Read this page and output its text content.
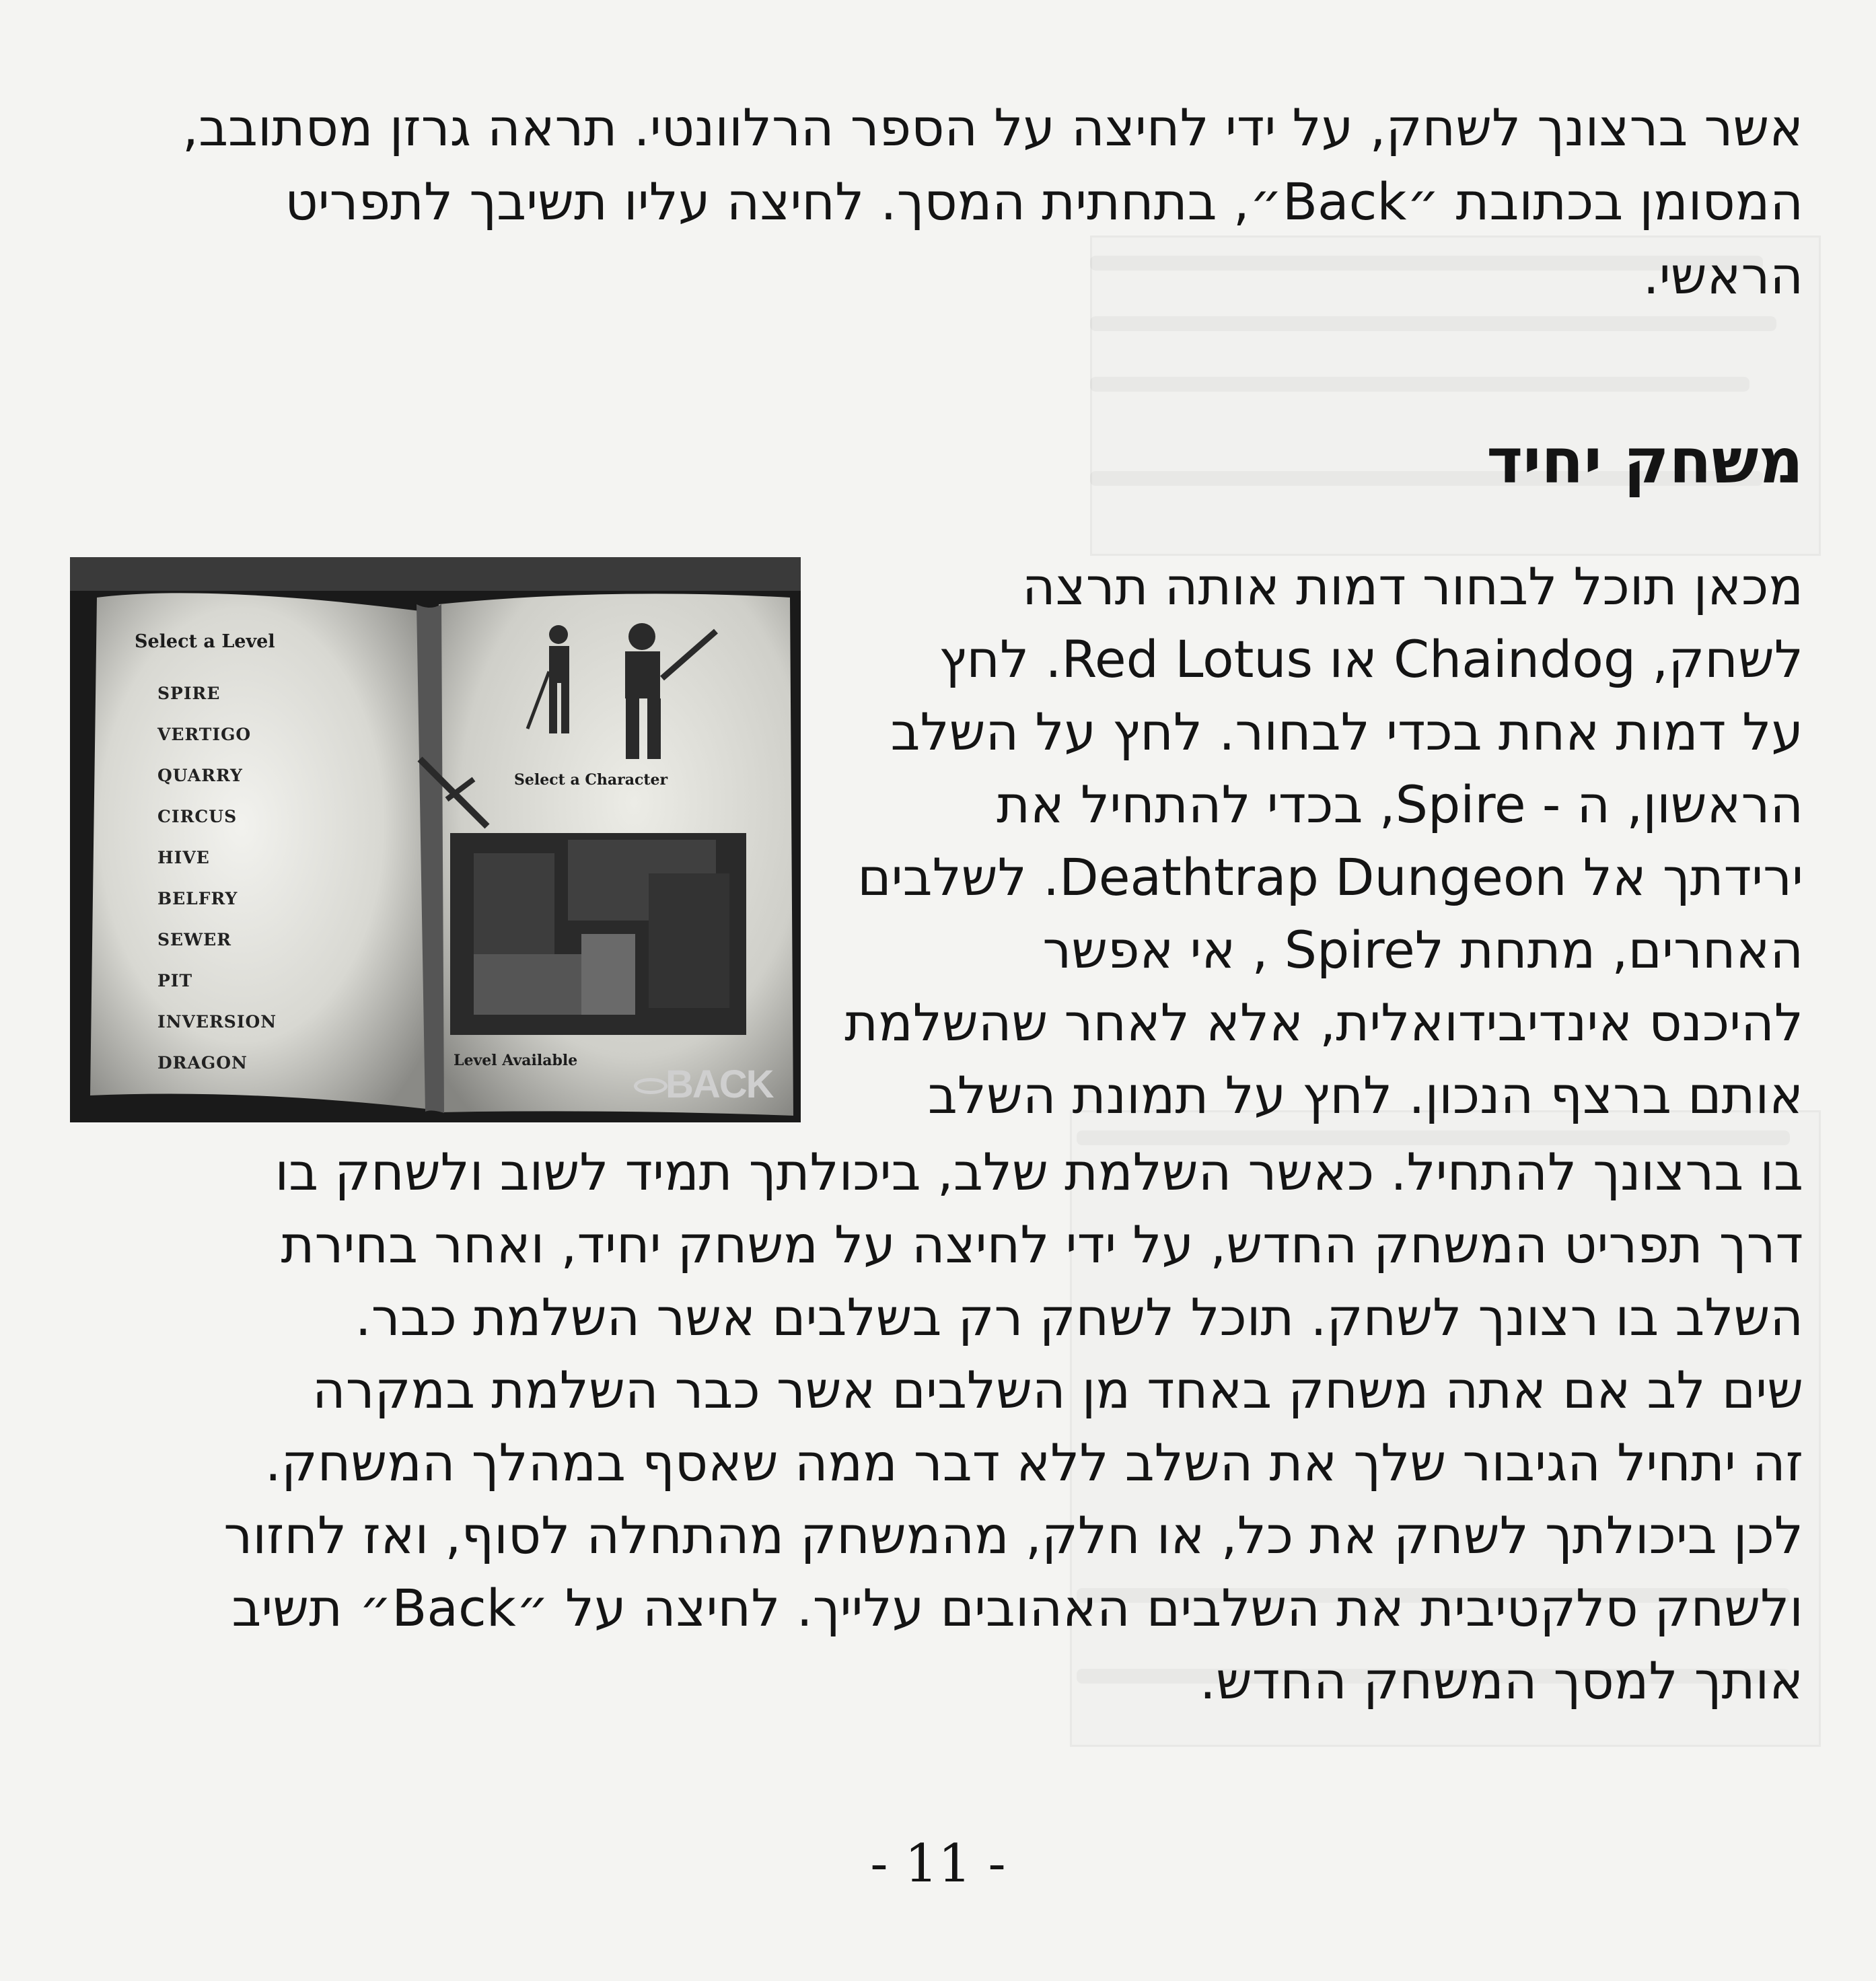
אשר ברצונך לשחק, על ידי לחיצה על הספר הרלוונטי. תראה גרזן מסתובב,
המסומן בכתובת ״Back״, בתחתית המסך. לחיצה עליו תשיבך לתפריט
הראשי.
משחק יחיד
מכאן תוכל לבחור דמות אותה תרצה
לשחק, Chaindog או Red Lotus. לחץ
על דמות אחת בכדי לבחור. לחץ על השלב
הראשון, ה - Spire, בכדי להתחיל את
ירידתך אל Deathtrap Dungeon. לשלבים
האחרים, מתחת לSpire , אי אפשר
להיכנס אינדיבידואלית, אלא לאחר שהשלמת
אותם ברצף הנכון. לחץ על תמונת השלב
בו ברצונך להתחיל. כאשר השלמת שלב, ביכולתך תמיד לשוב ולשחק בו
דרך תפריט המשחק החדש, על ידי לחיצה על משחק יחיד, ואחר בחירת
השלב בו רצונך לשחק. תוכל לשחק רק בשלבים אשר השלמת כבר.
שים לב אם אתה משחק באחד מן השלבים אשר כבר השלמת במקרה
זה יתחיל הגיבור שלך את השלב ללא דבר ממה שאסף במהלך המשחק.
לכן ביכולתך לשחק את כל, או חלק, מהמשחק מהתחלה לסוף, ואז לחזור
ולשחק סלקטיבית את השלבים האהובים עלייך. לחיצה על ״Back״ תשיב
אותך למסך המשחק החדש.
Select a Level
SPIRE
VERTIGO
QUARRY
CIRCUS
HIVE
BELFRY
SEWER
PIT
INVERSION
DRAGON
Select a Character
Level Available
BACK
- 11 -
